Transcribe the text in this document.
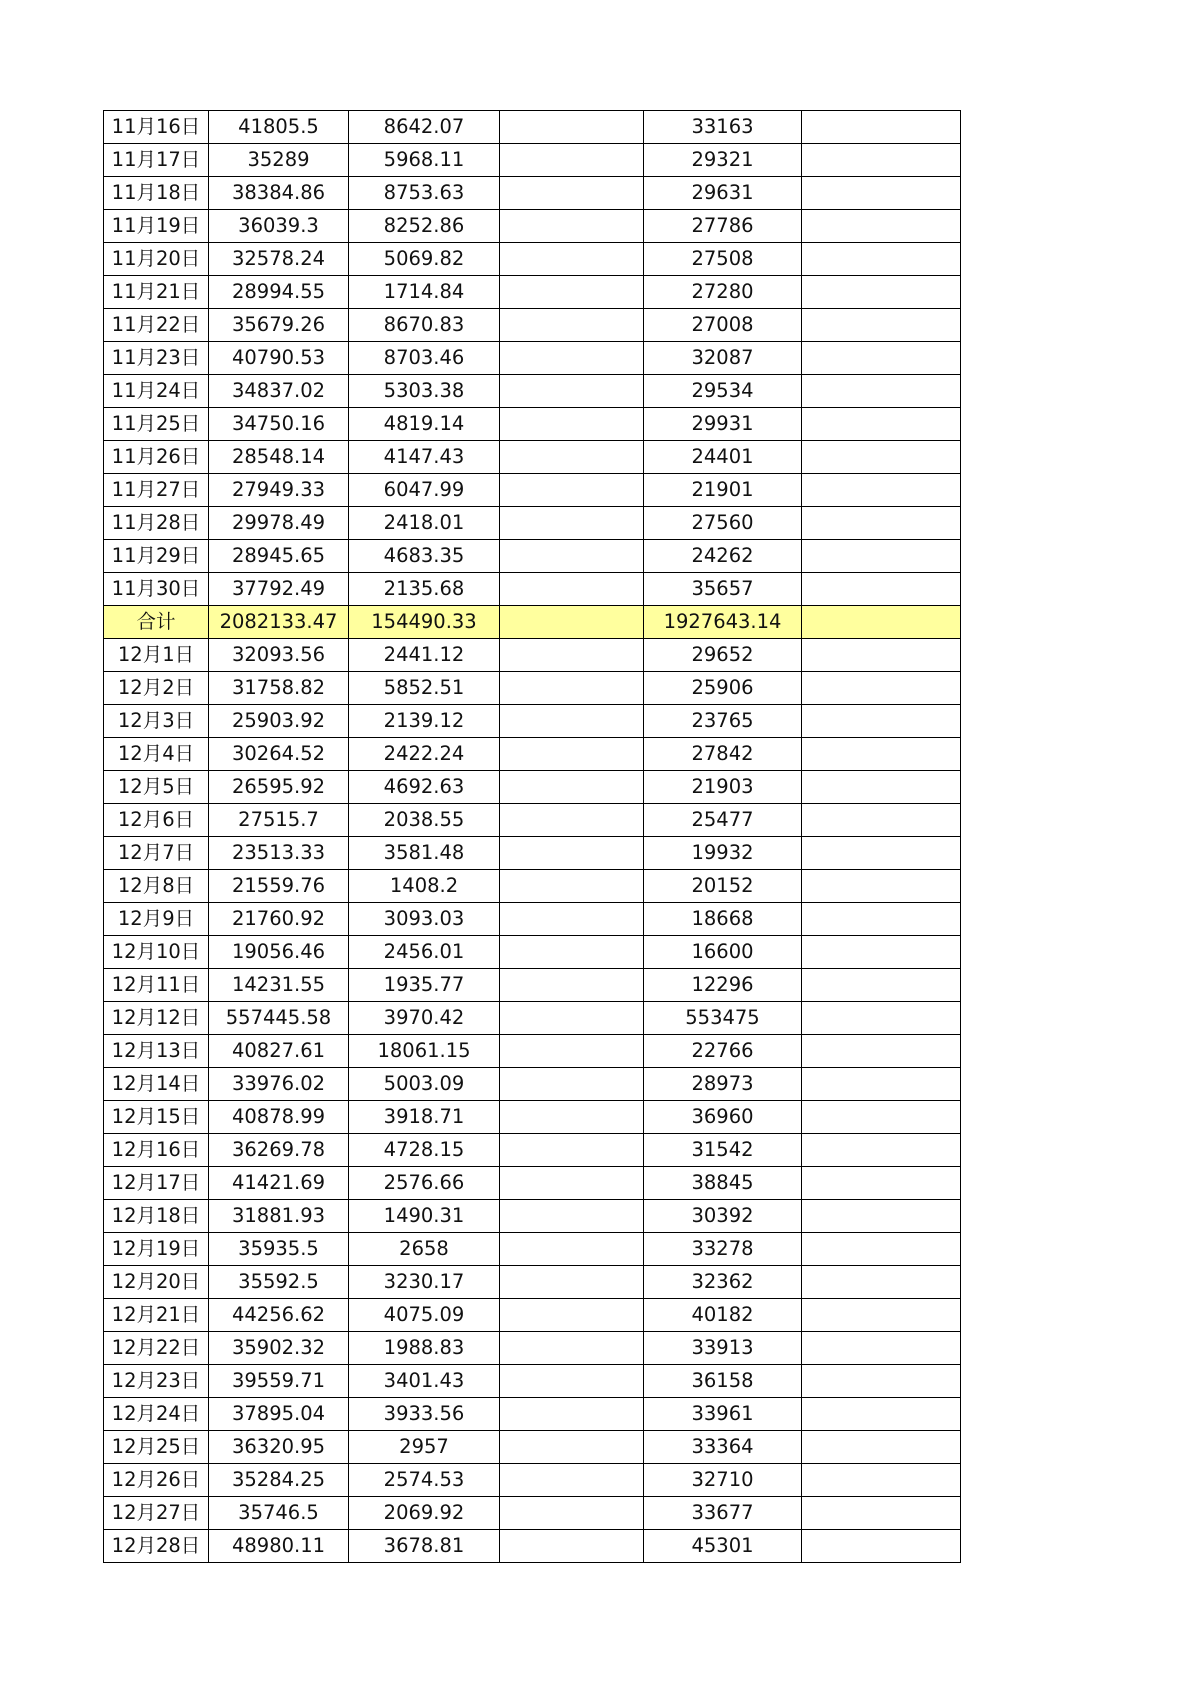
11月16日	41805.5	8642.07		33163	
11月17日	35289	5968.11		29321	
11月18日	38384.86	8753.63		29631	
11月19日	36039.3	8252.86		27786	
11月20日	32578.24	5069.82		27508	
11月21日	28994.55	1714.84		27280	
11月22日	35679.26	8670.83		27008	
11月23日	40790.53	8703.46		32087	
11月24日	34837.02	5303.38		29534	
11月25日	34750.16	4819.14		29931	
11月26日	28548.14	4147.43		24401	
11月27日	27949.33	6047.99		21901	
11月28日	29978.49	2418.01		27560	
11月29日	28945.65	4683.35		24262	
11月30日	37792.49	2135.68		35657	
合计	2082133.47	154490.33		1927643.14	
12月1日	32093.56	2441.12		29652	
12月2日	31758.82	5852.51		25906	
12月3日	25903.92	2139.12		23765	
12月4日	30264.52	2422.24		27842	
12月5日	26595.92	4692.63		21903	
12月6日	27515.7	2038.55		25477	
12月7日	23513.33	3581.48		19932	
12月8日	21559.76	1408.2		20152	
12月9日	21760.92	3093.03		18668	
12月10日	19056.46	2456.01		16600	
12月11日	14231.55	1935.77		12296	
12月12日	557445.58	3970.42		553475	
12月13日	40827.61	18061.15		22766	
12月14日	33976.02	5003.09		28973	
12月15日	40878.99	3918.71		36960	
12月16日	36269.78	4728.15		31542	
12月17日	41421.69	2576.66		38845	
12月18日	31881.93	1490.31		30392	
12月19日	35935.5	2658		33278	
12月20日	35592.5	3230.17		32362	
12月21日	44256.62	4075.09		40182	
12月22日	35902.32	1988.83		33913	
12月23日	39559.71	3401.43		36158	
12月24日	37895.04	3933.56		33961	
12月25日	36320.95	2957		33364	
12月26日	35284.25	2574.53		32710	
12月27日	35746.5	2069.92		33677	
12月28日	48980.11	3678.81		45301	
